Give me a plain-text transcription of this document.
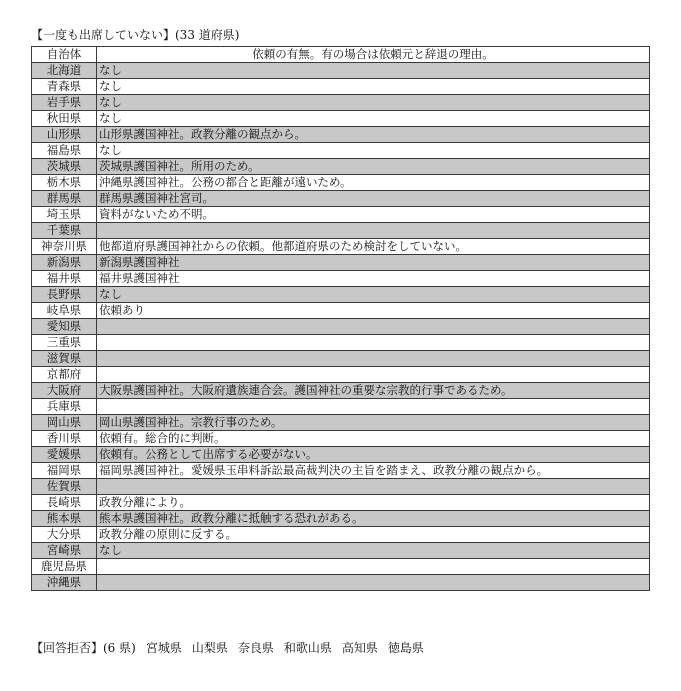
【一度も出席していない】(33 道府県)
自治体	依頼の有無。有の場合は依頼元と辞退の理由。
北海道	なし
青森県	なし
岩手県	なし
秋田県	なし
山形県	山形県護国神社。政教分離の観点から。
福島県	なし
茨城県	茨城県護国神社。所用のため。
栃木県	沖縄県護国神社。公務の都合と距離が遠いため。
群馬県	群馬県護国神社宮司。
埼玉県	資料がないため不明。
千葉県	
神奈川県	他都道府県護国神社からの依頼。他都道府県のため検討をしていない。
新潟県	新潟県護国神社
福井県	福井県護国神社
長野県	なし
岐阜県	依頼あり
愛知県	
三重県	
滋賀県	
京都府	
大阪府	大阪県護国神社。大阪府遺族連合会。護国神社の重要な宗教的行事であるため。
兵庫県	
岡山県	岡山県護国神社。宗教行事のため。
香川県	依頼有。総合的に判断。
愛媛県	依頼有。公務として出席する必要がない。
福岡県	福岡県護国神社。愛媛県玉串料訴訟最高裁判決の主旨を踏まえ、政教分離の観点から。
佐賀県	
長崎県	政教分離により。
熊本県	熊本県護国神社。政教分離に抵触する恐れがある。
大分県	政教分離の原則に反する。
宮崎県	なし
鹿児島県	
沖縄県	
【回答拒否】(6 県) 宮城県 山梨県 奈良県 和歌山県 高知県 徳島県
